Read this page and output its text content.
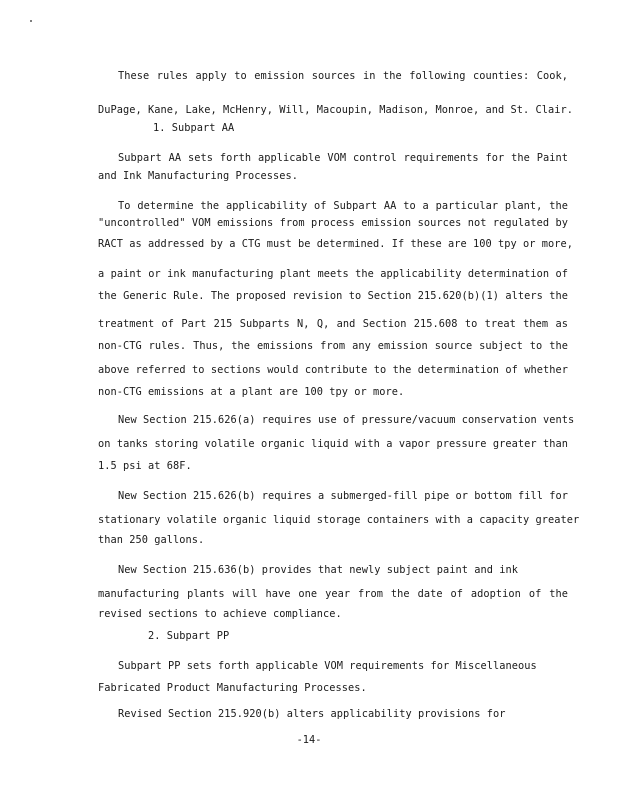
These rules apply to emission sources in the following counties: Cook,
DuPage, Kane, Lake, McHenry, Will, Macoupin, Madison, Monroe, and St. Clair.
1. Subpart AA
Subpart AA sets forth applicable VOM control requirements for the Paint
and Ink Manufacturing Processes.
To determine the applicability of Subpart AA to a particular plant, the
"uncontrolled" VOM emissions from process emission sources not regulated by
RACT as addressed by a CTG must be determined. If these are 100 tpy or more,
a paint or ink manufacturing plant meets the applicability determination of
the Generic Rule. The proposed revision to Section 215.620(b)(1) alters the
treatment of Part 215 Subparts N, Q, and Section 215.608 to treat them as
non-CTG rules. Thus, the emissions from any emission source subject to the
above referred to sections would contribute to the determination of whether
non-CTG emissions at a plant are 100 tpy or more.
New Section 215.626(a) requires use of pressure/vacuum conservation vents
on tanks storing volatile organic liquid with a vapor pressure greater than
1.5 psi at 68F.
New Section 215.626(b) requires a submerged-fill pipe or bottom fill for
stationary volatile organic liquid storage containers with a capacity greater
than 250 gallons.
New Section 215.636(b) provides that newly subject paint and ink
manufacturing plants will have one year from the date of adoption of the
revised sections to achieve compliance.
2. Subpart PP
Subpart PP sets forth applicable VOM requirements for Miscellaneous
Fabricated Product Manufacturing Processes.
Revised Section 215.920(b) alters applicability provisions for
-14-
